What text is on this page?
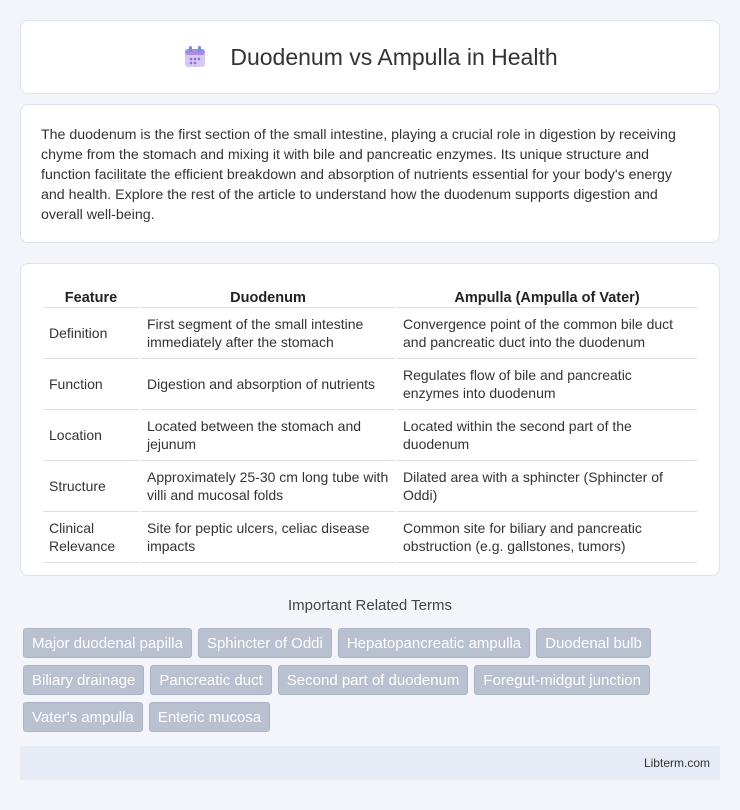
Duodenum vs Ampulla in Health

The duodenum is the first section of the small intestine, playing a crucial role in digestion by receiving chyme from the stomach and mixing it with bile and pancreatic enzymes. Its unique structure and function facilitate the efficient breakdown and absorption of nutrients essential for your body's energy and health. Explore the rest of the article to understand how the duodenum supports digestion and overall well-being.

Feature	Duodenum	Ampulla (Ampulla of Vater)
Definition	First segment of the small intestine immediately after the stomach	Convergence point of the common bile duct and pancreatic duct into the duodenum
Function	Digestion and absorption of nutrients	Regulates flow of bile and pancreatic enzymes into duodenum
Location	Located between the stomach and jejunum	Located within the second part of the duodenum
Structure	Approximately 25-30 cm long tube with villi and mucosal folds	Dilated area with a sphincter (Sphincter of Oddi)
Clinical Relevance	Site for peptic ulcers, celiac disease impacts	Common site for biliary and pancreatic obstruction (e.g. gallstones, tumors)
Important Related Terms
Major duodenal papilla	Sphincter of Oddi	Hepatopancreatic ampulla	Duodenal bulb
Biliary drainage	Pancreatic duct	Second part of duodenum	Foregut-midgut junction
Vater's ampulla	Enteric mucosa
Libterm.com
